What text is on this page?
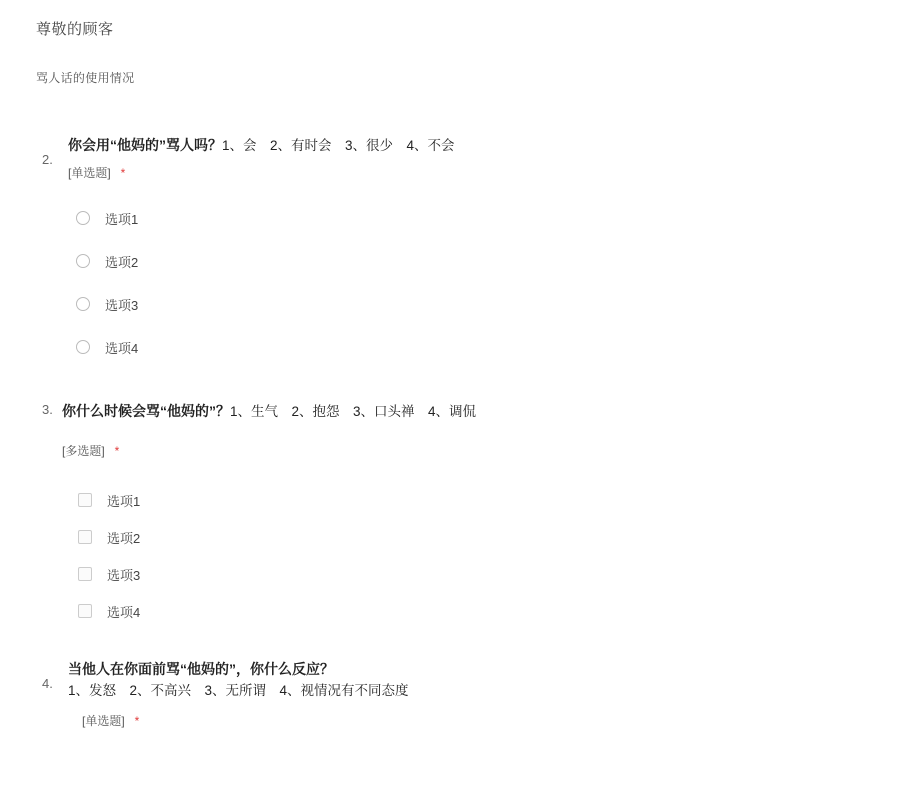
尊敬的顾客
骂人话的使用情况
2.
你会用“他妈的”骂人吗？1、会　2、有时会　3、很少　4、不会
[单选题] *
选项1
选项2
选项3
选项4
3. 你什么时候会骂“他妈的”？1、生气　2、抱怨　3、口头禅　4、调侃
[多选题] *
选项1
选项2
选项3
选项4
4.
当他人在你面前骂“他妈的”，你什么反应？
1、发怒　2、不高兴　3、无所谓　4、视情况有不同态度
[单选题] *
